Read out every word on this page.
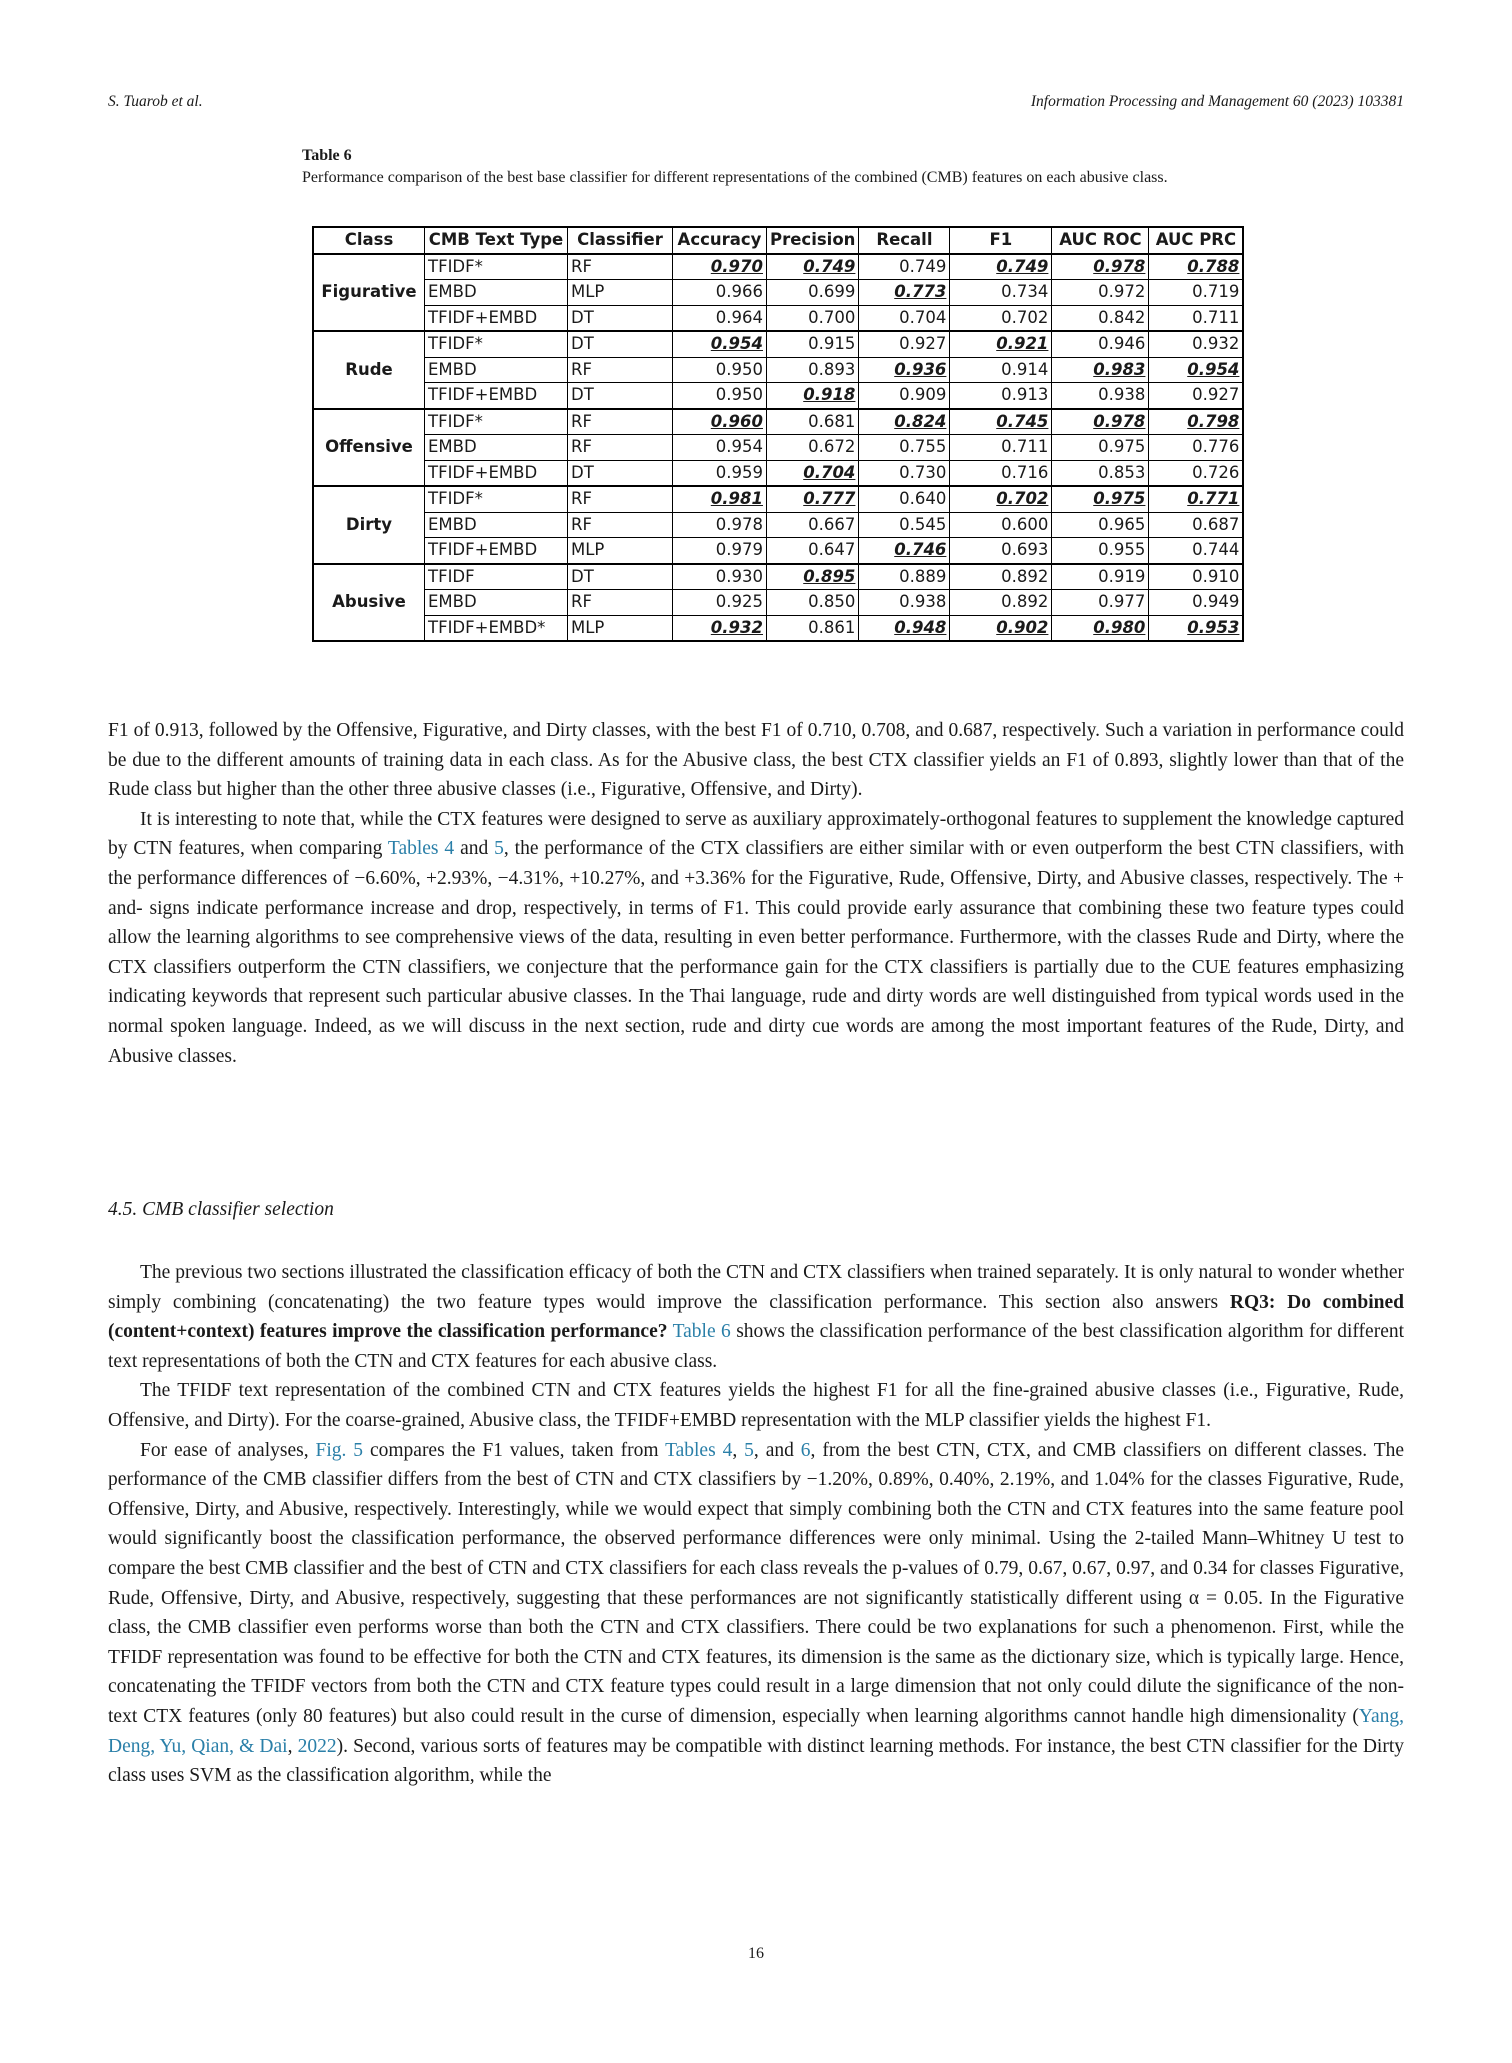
S. Tuarob et al.	Information Processing and Management 60 (2023) 103381
Table 6
Performance comparison of the best base classifier for different representations of the combined (CMB) features on each abusive class.
Class	CMB Text Type	Classifier	Accuracy	Precision	Recall	F1	AUC ROC	AUC PRC
Figurative	TFIDF*	RF	0.970	0.749	0.749	0.749	0.978	0.788
	EMBD	MLP	0.966	0.699	0.773	0.734	0.972	0.719
	TFIDF+EMBD	DT	0.964	0.700	0.704	0.702	0.842	0.711
Rude	TFIDF*	DT	0.954	0.915	0.927	0.921	0.946	0.932
	EMBD	RF	0.950	0.893	0.936	0.914	0.983	0.954
	TFIDF+EMBD	DT	0.950	0.918	0.909	0.913	0.938	0.927
Offensive	TFIDF*	RF	0.960	0.681	0.824	0.745	0.978	0.798
	EMBD	RF	0.954	0.672	0.755	0.711	0.975	0.776
	TFIDF+EMBD	DT	0.959	0.704	0.730	0.716	0.853	0.726
Dirty	TFIDF*	RF	0.981	0.777	0.640	0.702	0.975	0.771
	EMBD	RF	0.978	0.667	0.545	0.600	0.965	0.687
	TFIDF+EMBD	MLP	0.979	0.647	0.746	0.693	0.955	0.744
Abusive	TFIDF	DT	0.930	0.895	0.889	0.892	0.919	0.910
	EMBD	RF	0.925	0.850	0.938	0.892	0.977	0.949
	TFIDF+EMBD*	MLP	0.932	0.861	0.948	0.902	0.980	0.953

F1 of 0.913, followed by the Offensive, Figurative, and Dirty classes, with the best F1 of 0.710, 0.708, and 0.687, respectively. Such a variation in performance could be due to the different amounts of training data in each class. As for the Abusive class, the best CTX classifier yields an F1 of 0.893, slightly lower than that of the Rude class but higher than the other three abusive classes (i.e., Figurative, Offensive, and Dirty).

It is interesting to note that, while the CTX features were designed to serve as auxiliary approximately-orthogonal features to supplement the knowledge captured by CTN features, when comparing Tables 4 and 5, the performance of the CTX classifiers are either similar with or even outperform the best CTN classifiers, with the performance differences of −6.60%, +2.93%, −4.31%, +10.27%, and +3.36% for the Figurative, Rude, Offensive, Dirty, and Abusive classes, respectively. The + and- signs indicate performance increase and drop, respectively, in terms of F1. This could provide early assurance that combining these two feature types could allow the learning algorithms to see comprehensive views of the data, resulting in even better performance. Furthermore, with the classes Rude and Dirty, where the CTX classifiers outperform the CTN classifiers, we conjecture that the performance gain for the CTX classifiers is partially due to the CUE features emphasizing indicating keywords that represent such particular abusive classes. In the Thai language, rude and dirty words are well distinguished from typical words used in the normal spoken language. Indeed, as we will discuss in the next section, rude and dirty cue words are among the most important features of the Rude, Dirty, and Abusive classes.

4.5. CMB classifier selection

The previous two sections illustrated the classification efficacy of both the CTN and CTX classifiers when trained separately. It is only natural to wonder whether simply combining (concatenating) the two feature types would improve the classification performance. This section also answers RQ3: Do combined (content+context) features improve the classification performance? Table 6 shows the classification performance of the best classification algorithm for different text representations of both the CTN and CTX features for each abusive class.

The TFIDF text representation of the combined CTN and CTX features yields the highest F1 for all the fine-grained abusive classes (i.e., Figurative, Rude, Offensive, and Dirty). For the coarse-grained, Abusive class, the TFIDF+EMBD representation with the MLP classifier yields the highest F1.

For ease of analyses, Fig. 5 compares the F1 values, taken from Tables 4, 5, and 6, from the best CTN, CTX, and CMB classifiers on different classes. The performance of the CMB classifier differs from the best of CTN and CTX classifiers by −1.20%, 0.89%, 0.40%, 2.19%, and 1.04% for the classes Figurative, Rude, Offensive, Dirty, and Abusive, respectively. Interestingly, while we would expect that simply combining both the CTN and CTX features into the same feature pool would significantly boost the classification performance, the observed performance differences were only minimal. Using the 2-tailed Mann–Whitney U test to compare the best CMB classifier and the best of CTN and CTX classifiers for each class reveals the p-values of 0.79, 0.67, 0.67, 0.97, and 0.34 for classes Figurative, Rude, Offensive, Dirty, and Abusive, respectively, suggesting that these performances are not significantly statistically different using α = 0.05. In the Figurative class, the CMB classifier even performs worse than both the CTN and CTX classifiers. There could be two explanations for such a phenomenon. First, while the TFIDF representation was found to be effective for both the CTN and CTX features, its dimension is the same as the dictionary size, which is typically large. Hence, concatenating the TFIDF vectors from both the CTN and CTX feature types could result in a large dimension that not only could dilute the significance of the non-text CTX features (only 80 features) but also could result in the curse of dimension, especially when learning algorithms cannot handle high dimensionality (Yang, Deng, Yu, Qian, & Dai, 2022). Second, various sorts of features may be compatible with distinct learning methods. For instance, the best CTN classifier for the Dirty class uses SVM as the classification algorithm, while the

16
